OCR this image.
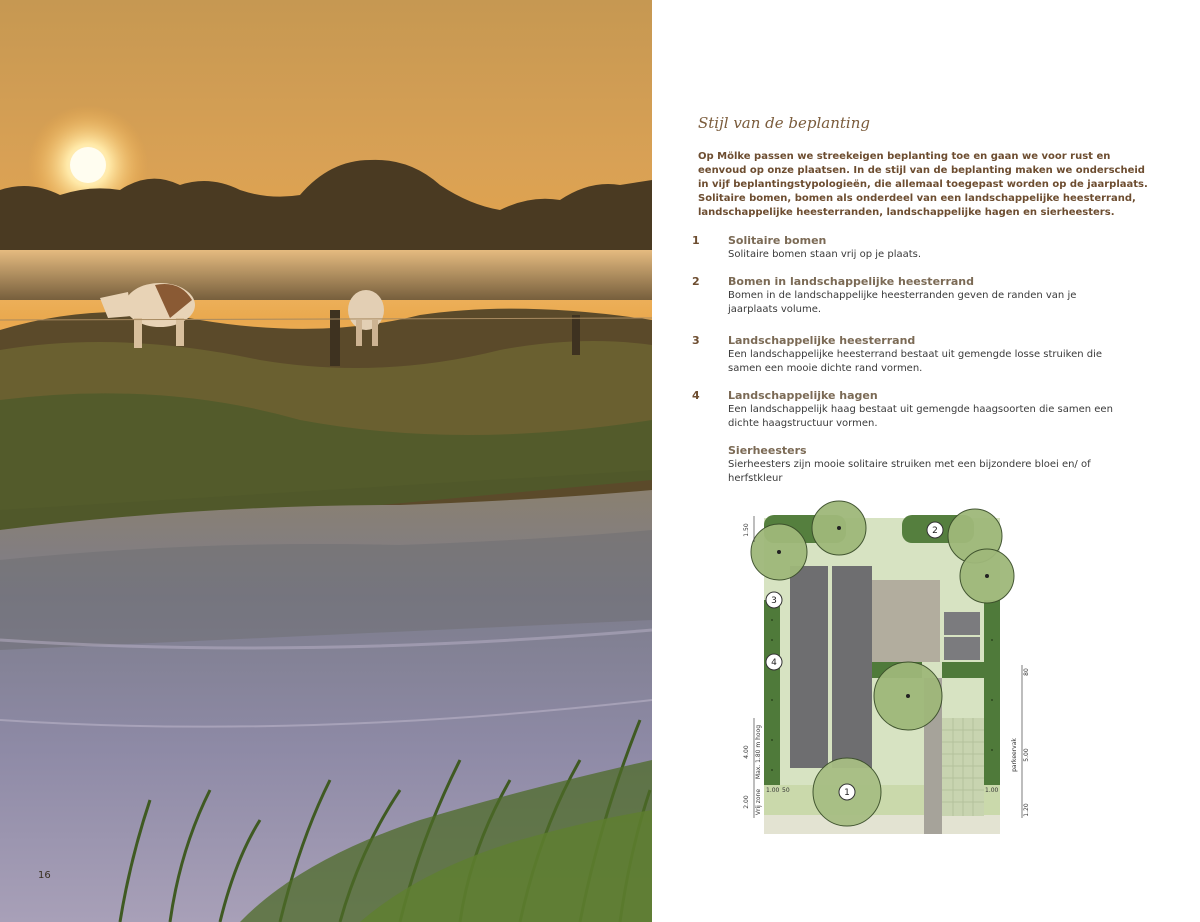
16
Stijl van de beplanting
Op Mölke passen we streekeigen beplanting toe en gaan we voor rust en eenvoud op onze plaatsen. In de stijl van de beplanting maken we onderscheid in vijf beplantingstypologieën, die allemaal toegepast worden op de jaarplaats. Solitaire bomen, bomen als onderdeel van een landschappelijke heesterrand, landschappelijke heesterranden, landschappelijke hagen en sierheesters.
1	Solitaire bomen
Solitaire bomen staan vrij op je plaats.
2	Bomen in landschappelijke heesterrand
Bomen in de landschappelijke heesterranden geven de randen van je jaarplaats volume.
3	Landschappelijke heesterrand
Een landschappelijke heesterrand bestaat uit gemengde losse struiken die samen een mooie dichte rand vormen.
4	Landschappelijke hagen
Een landschappelijk haag bestaat uit gemengde haagsoorten die samen een dichte haagstructuur vormen.
Sierheesters
Sierheesters zijn mooie solitaire struiken met een bijzondere bloei en/ of herfstkleur
1
2
3
4
1.50
4.00 Max. 1.80 m hoog
2.00 Vrij zone 1.00 50	1.00
80
parkeervak 5.00
1.20
